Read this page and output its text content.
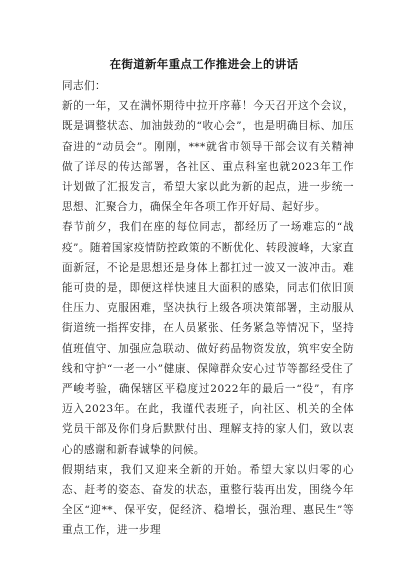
在街道新年重点工作推进会上的讲话

同志们：

新的一年，又在满怀期待中拉开序幕！今天召开这个会议，既是调整状态、加油鼓劲的“收心会”，也是明确目标、加压奋进的“动员会”。刚刚，***就省市领导干部会议有关精神做了详尽的传达部署，各社区、重点科室也就2023年工作计划做了汇报发言，希望大家以此为新的起点，进一步统一思想、汇聚合力，确保全年各项工作开好局、起好步。

春节前夕，我们在座的每位同志，都经历了一场难忘的“战疫”。随着国家疫情防控政策的不断优化、转段渡峰，大家直面新冠，不论是思想还是身体上都扛过一波又一波冲击。难能可贵的是，即便这样快速且大面积的感染，同志们依旧顶住压力、克服困难，坚决执行上级各项决策部署，主动服从街道统一指挥安排，在人员紧张、任务紧急等情况下，坚持值班值守、加强应急联动、做好药品物资发放，筑牢安全防线和守护“一老一小”健康、保障群众安心过节等都经受住了严峻考验，确保辖区平稳度过2022年的最后一“役”，有序迈入2023年。在此，我谨代表班子，向社区、机关的全体党员干部及你们身后默默付出、理解支持的家人们，致以衷心的感谢和新春诚挚的问候。

假期结束，我们又迎来全新的开始。希望大家以归零的心态、赶考的姿态、奋发的状态，重整行装再出发，围绕今年全区“迎**、保平安，促经济、稳增长，强治理、惠民生”等重点工作，进一步理
